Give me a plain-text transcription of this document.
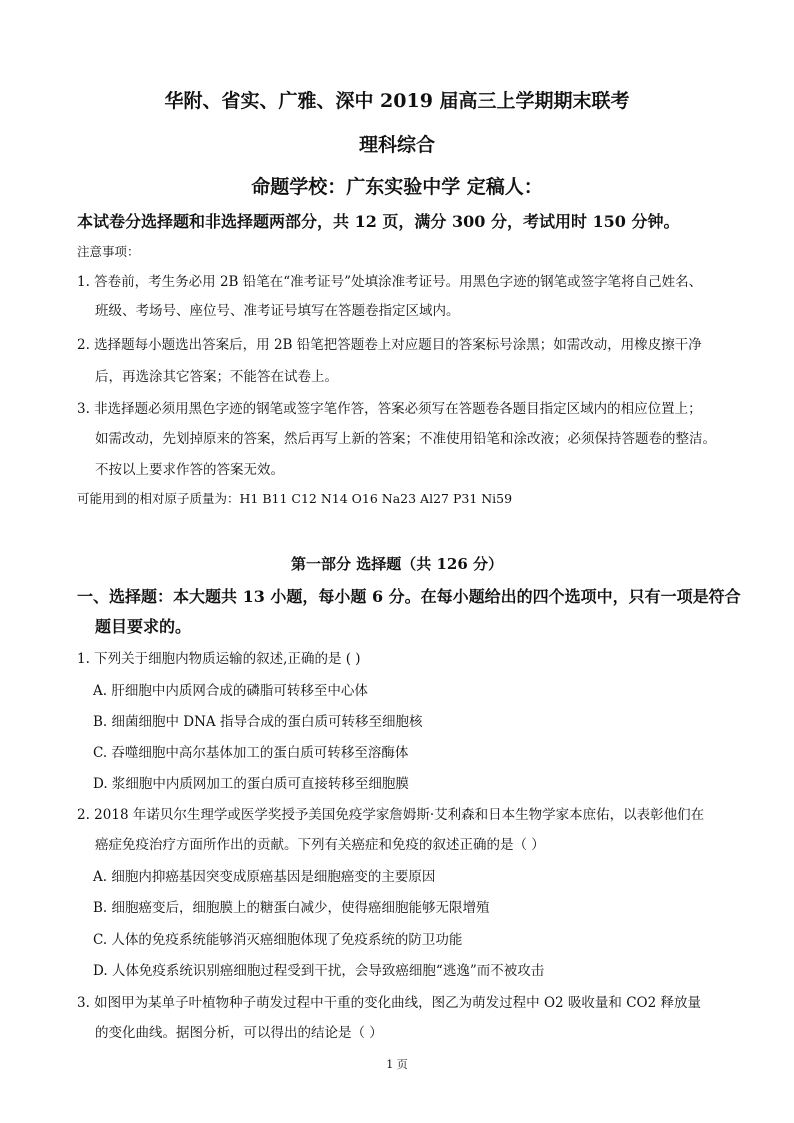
华附、省实、广雅、深中 2019 届高三上学期期末联考
理科综合
命题学校：广东实验中学 定稿人：
本试卷分选择题和非选择题两部分，共 12 页，满分 300 分，考试用时 150 分钟。
注意事项：
1. 答卷前，考生务必用 2B 铅笔在“准考证号”处填涂准考证号。用黑色字迹的钢笔或签字笔将自己姓名、
班级、考场号、座位号、准考证号填写在答题卷指定区域内。
2. 选择题每小题选出答案后，用 2B 铅笔把答题卷上对应题目的答案标号涂黑；如需改动，用橡皮擦干净
后，再选涂其它答案；不能答在试卷上。
3. 非选择题必须用黑色字迹的钢笔或签字笔作答，答案必须写在答题卷各题目指定区域内的相应位置上；
如需改动，先划掉原来的答案，然后再写上新的答案；不准使用铅笔和涂改液；必须保持答题卷的整洁。
不按以上要求作答的答案无效。
可能用到的相对原子质量为：H1 B11 C12 N14 O16 Na23 Al27 P31 Ni59
第一部分 选择题（共 126 分）
一、选择题：本大题共 13 小题，每小题 6 分。在每小题给出的四个选项中，只有一项是符合
题目要求的。
1. 下列关于细胞内物质运输的叙述,正确的是 ( )
A. 肝细胞中内质网合成的磷脂可转移至中心体
B. 细菌细胞中 DNA 指导合成的蛋白质可转移至细胞核
C. 吞噬细胞中高尔基体加工的蛋白质可转移至溶酶体
D. 浆细胞中内质网加工的蛋白质可直接转移至细胞膜
2. 2018 年诺贝尔生理学或医学奖授予美国免疫学家詹姆斯·艾利森和日本生物学家本庶佑，以表彰他们在
癌症免疫治疗方面所作出的贡献。下列有关癌症和免疫的叙述正确的是（ ）
A. 细胞内抑癌基因突变成原癌基因是细胞癌变的主要原因
B. 细胞癌变后，细胞膜上的糖蛋白减少，使得癌细胞能够无限增殖
C. 人体的免疫系统能够消灭癌细胞体现了免疫系统的防卫功能
D. 人体免疫系统识别癌细胞过程受到干扰，会导致癌细胞“逃逸”而不被攻击
3. 如图甲为某单子叶植物种子萌发过程中干重的变化曲线，图乙为萌发过程中 O2 吸收量和 CO2 释放量
的变化曲线。据图分析，可以得出的结论是（ ）
1 页
